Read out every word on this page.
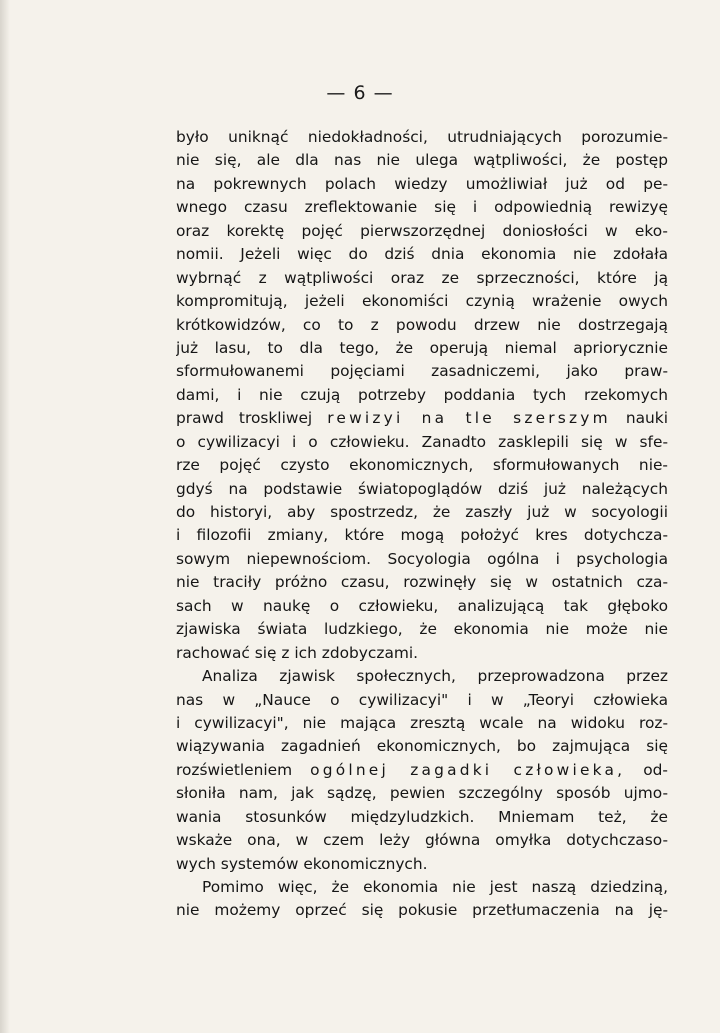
— 6 —
było uniknąć niedokładności, utrudniających porozumie-
nie się, ale dla nas nie ulega wątpliwości, że postęp
na pokrewnych polach wiedzy umożliwiał już od pe-
wnego czasu zreflektowanie się i odpowiednią rewizyę
oraz korektę pojęć pierwszorzędnej doniosłości w eko-
nomii. Jeżeli więc do dziś dnia ekonomia nie zdołała
wybrnąć z wątpliwości oraz ze sprzeczności, które ją
kompromitują, jeżeli ekonomiści czynią wrażenie owych
krótkowidzów, co to z powodu drzew nie dostrzegają
już lasu, to dla tego, że operują niemal apriorycznie
sformułowanemi pojęciami zasadniczemi, jako praw-
dami, i nie czują potrzeby poddania tych rzekomych
prawd troskliwej rewizyi na tle szerszym nauki
o cywilizacyi i o człowieku. Zanadto zasklepili się w sfe-
rze pojęć czysto ekonomicznych, sformułowanych nie-
gdyś na podstawie światopoglądów dziś już należących
do historyi, aby spostrzedz, że zaszły już w socyologii
i filozofii zmiany, które mogą położyć kres dotychcza-
sowym niepewnościom. Socyologia ogólna i psychologia
nie traciły próżno czasu, rozwinęły się w ostatnich cza-
sach w naukę o człowieku, analizującą tak głęboko
zjawiska świata ludzkiego, że ekonomia nie może nie
rachować się z ich zdobyczami.
Analiza zjawisk społecznych, przeprowadzona przez
nas w „Nauce o cywilizacyi" i w „Teoryi człowieka
i cywilizacyi", nie mająca zresztą wcale na widoku roz-
wiązywania zagadnień ekonomicznych, bo zajmująca się
rozświetleniem ogólnej zagadki człowieka, od-
słoniła nam, jak sądzę, pewien szczególny sposób ujmo-
wania stosunków międzyludzkich. Mniemam też, że
wskaże ona, w czem leży główna omyłka dotychczaso-
wych systemów ekonomicznych.
Pomimo więc, że ekonomia nie jest naszą dziedziną,
nie możemy oprzeć się pokusie przetłumaczenia na ję-
